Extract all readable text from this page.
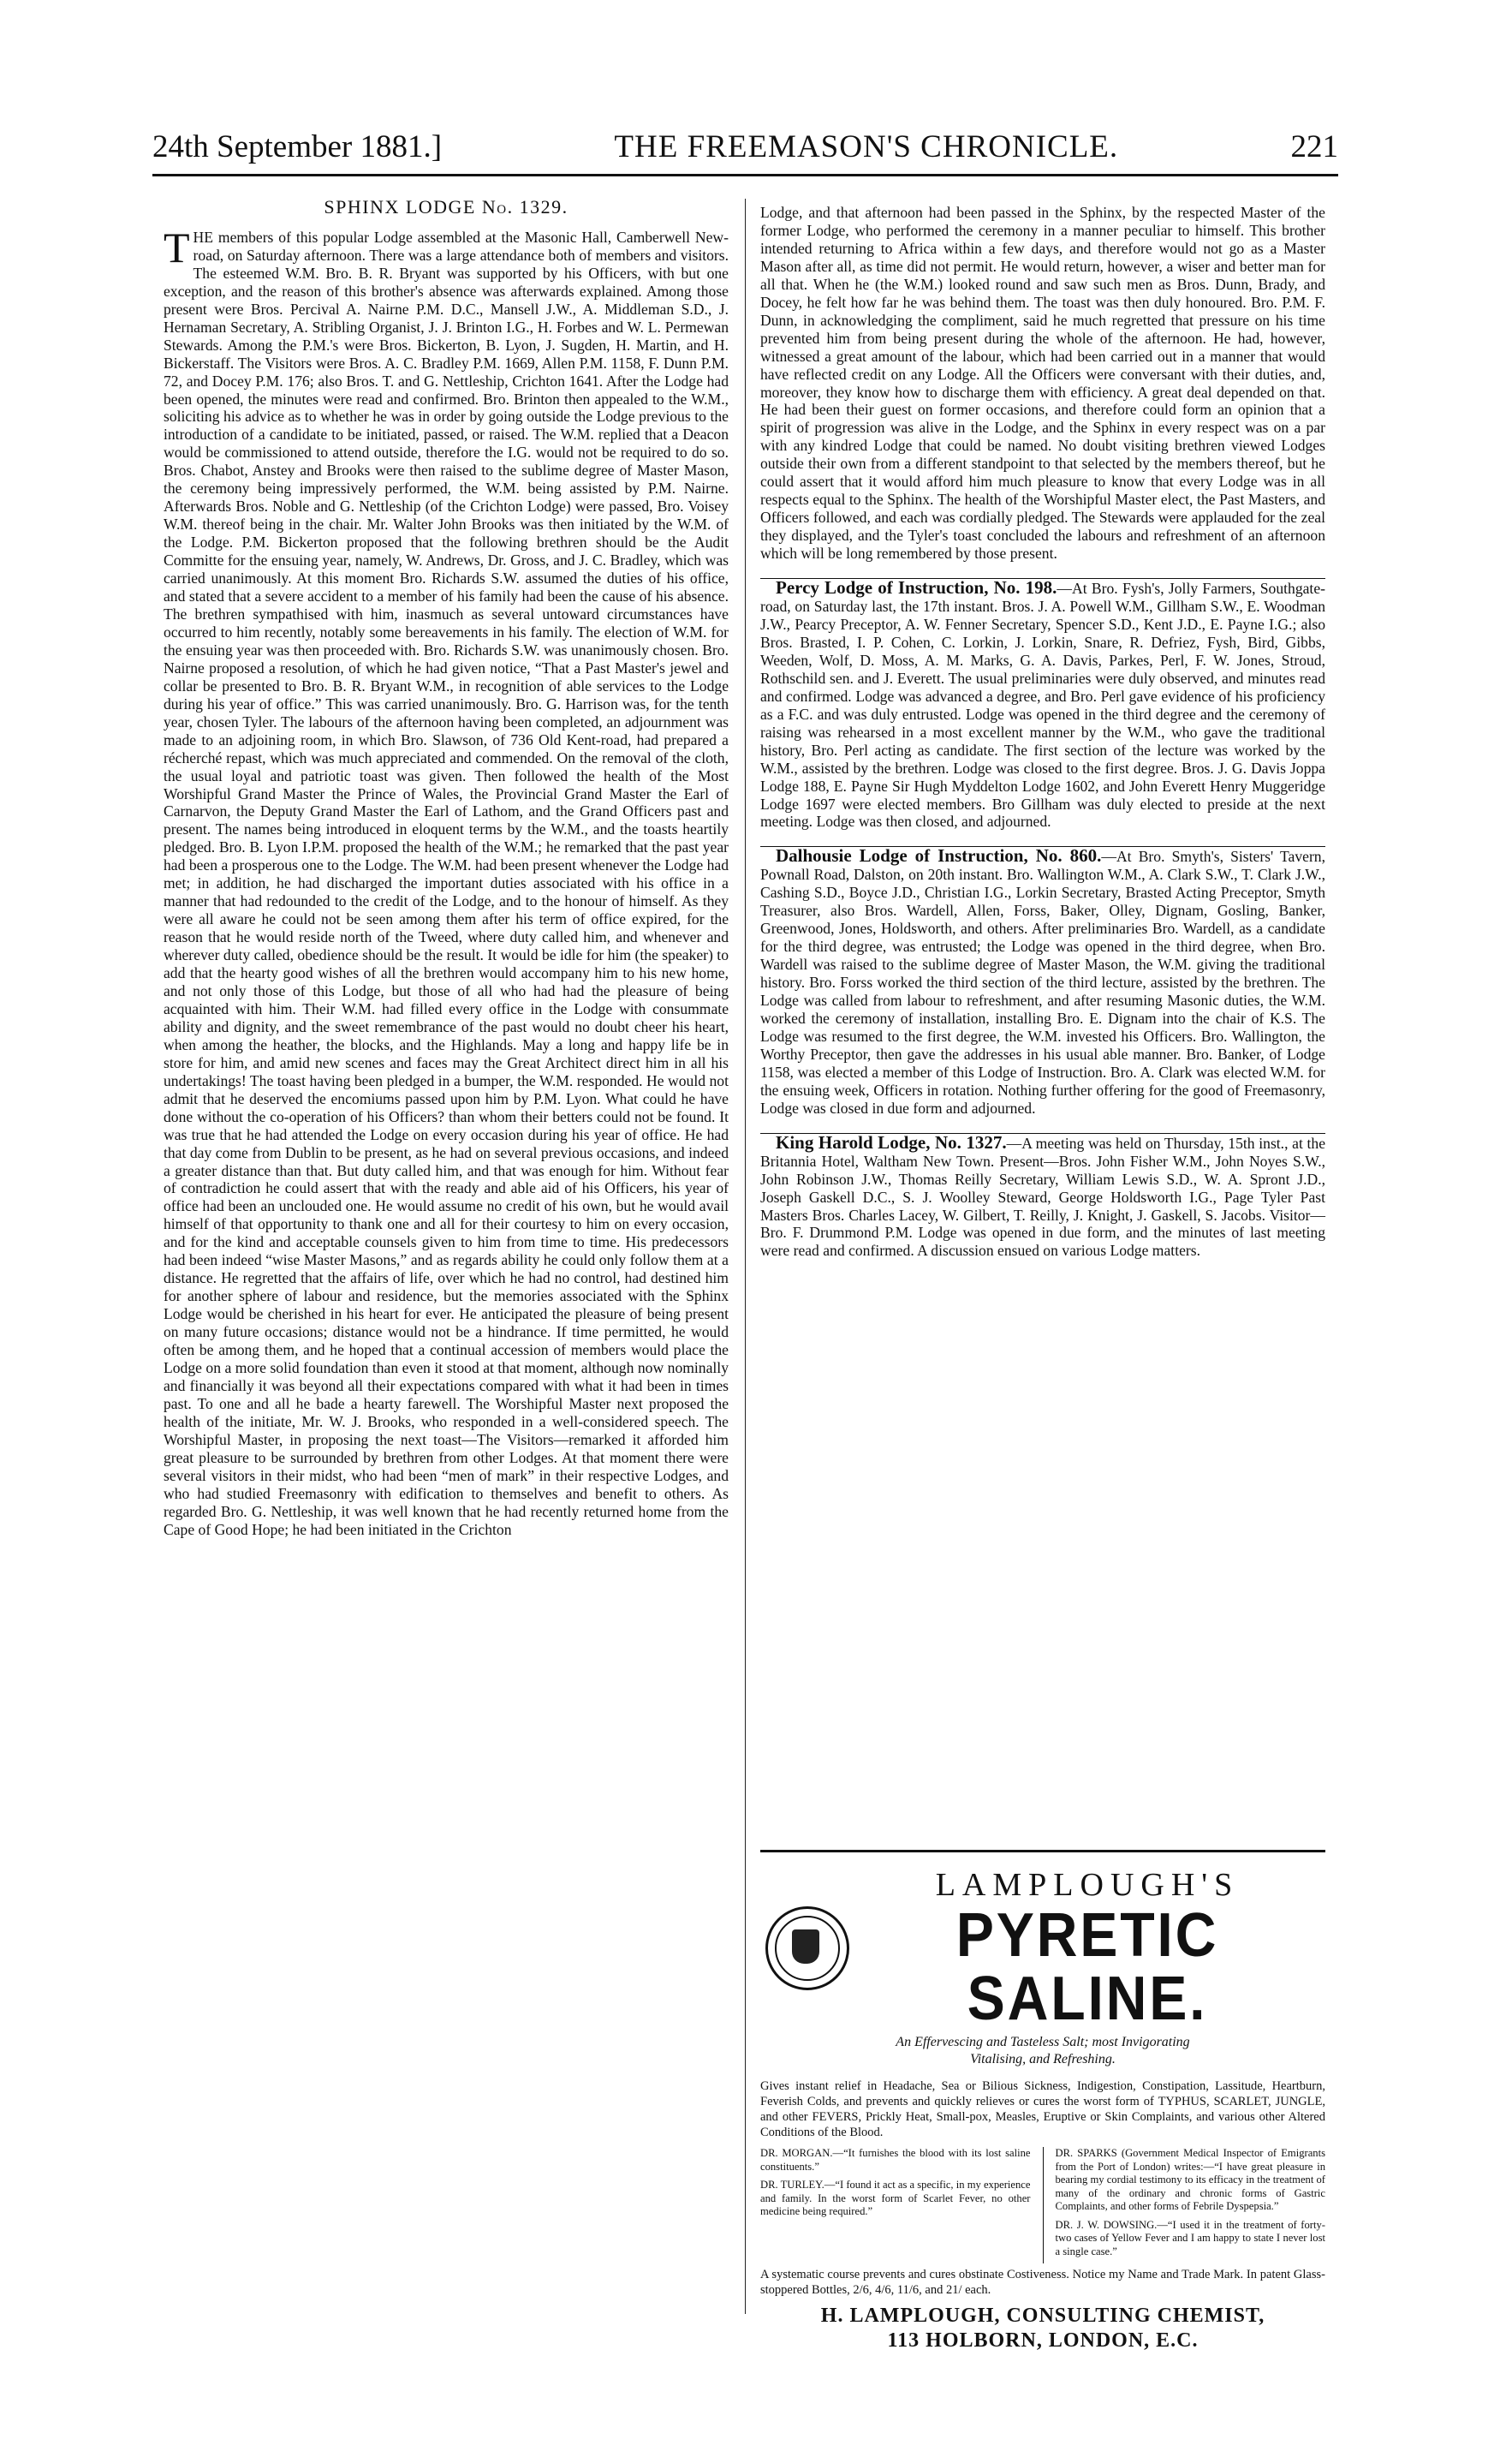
24th September 1881.]	THE FREEMASON'S CHRONICLE.	221
SPHINX LODGE No. 1329.

THE members of this popular Lodge assembled at the Masonic Hall, Camberwell New-road, on Saturday afternoon. There was a large attendance both of members and visitors. The esteemed W.M. Bro. B. R. Bryant was supported by his Officers, with but one exception, and the reason of this brother's absence was afterwards explained. Among those present were Bros. Percival A. Nairne P.M. D.C., Mansell J.W., A. Middleman S.D., J. Hernaman Secretary, A. Stribling Organist, J. J. Brinton I.G., H. Forbes and W. L. Permewan Stewards. Among the P.M.'s were Bros. Bickerton, B. Lyon, J. Sugden, H. Martin, and H. Bickerstaff. The Visitors were Bros. A. C. Bradley P.M. 1669, Allen P.M. 1158, F. Dunn P.M. 72, and Docey P.M. 176; also Bros. T. and G. Nettleship, Crichton 1641. After the Lodge had been opened, the minutes were read and confirmed. Bro. Brinton then appealed to the W.M., soliciting his advice as to whether he was in order by going outside the Lodge previous to the introduction of a candidate to be initiated, passed, or raised. The W.M. replied that a Deacon would be commissioned to attend outside, therefore the I.G. would not be required to do so. Bros. Chabot, Anstey and Brooks were then raised to the sublime degree of Master Mason, the ceremony being impressively performed, the W.M. being assisted by P.M. Nairne. Afterwards Bros. Noble and G. Nettleship (of the Crichton Lodge) were passed, Bro. Voisey W.M. thereof being in the chair. Mr. Walter John Brooks was then initiated by the W.M. of the Lodge. P.M. Bickerton proposed that the following brethren should be the Audit Committe for the ensuing year, namely, W. Andrews, Dr. Gross, and J. C. Bradley, which was carried unanimously. At this moment Bro. Richards S.W. assumed the duties of his office, and stated that a severe accident to a member of his family had been the cause of his absence. The brethren sympathised with him, inasmuch as several untoward circumstances have occurred to him recently, notably some bereavements in his family. The election of W.M. for the ensuing year was then proceeded with. Bro. Richards S.W. was unanimously chosen. Bro. Nairne proposed a resolution, of which he had given notice, “That a Past Master's jewel and collar be presented to Bro. B. R. Bryant W.M., in recognition of able services to the Lodge during his year of office.” This was carried unanimously. Bro. G. Harrison was, for the tenth year, chosen Tyler. The labours of the afternoon having been completed, an adjournment was made to an adjoining room, in which Bro. Slawson, of 736 Old Kent-road, had prepared a récherché repast, which was much appreciated and commended. On the removal of the cloth, the usual loyal and patriotic toast was given. Then followed the health of the Most Worshipful Grand Master the Prince of Wales, the Provincial Grand Master the Earl of Carnarvon, the Deputy Grand Master the Earl of Lathom, and the Grand Officers past and present. The names being introduced in eloquent terms by the W.M., and the toasts heartily pledged. Bro. B. Lyon I.P.M. proposed the health of the W.M.; he remarked that the past year had been a prosperous one to the Lodge. The W.M. had been present whenever the Lodge had met; in addition, he had discharged the important duties associated with his office in a manner that had redounded to the credit of the Lodge, and to the honour of himself. As they were all aware he could not be seen among them after his term of office expired, for the reason that he would reside north of the Tweed, where duty called him, and whenever and wherever duty called, obedience should be the result. It would be idle for him (the speaker) to add that the hearty good wishes of all the brethren would accompany him to his new home, and not only those of this Lodge, but those of all who had had the pleasure of being acquainted with him. Their W.M. had filled every office in the Lodge with consummate ability and dignity, and the sweet remembrance of the past would no doubt cheer his heart, when among the heather, the blocks, and the Highlands. May a long and happy life be in store for him, and amid new scenes and faces may the Great Architect direct him in all his undertakings! The toast having been pledged in a bumper, the W.M. responded. He would not admit that he deserved the encomiums passed upon him by P.M. Lyon. What could he have done without the co-operation of his Officers? than whom their betters could not be found. It was true that he had attended the Lodge on every occasion during his year of office. He had that day come from Dublin to be present, as he had on several previous occasions, and indeed a greater distance than that. But duty called him, and that was enough for him. Without fear of contradiction he could assert that with the ready and able aid of his Officers, his year of office had been an unclouded one. He would assume no credit of his own, but he would avail himself of that opportunity to thank one and all for their courtesy to him on every occasion, and for the kind and acceptable counsels given to him from time to time. His predecessors had been indeed “wise Master Masons,” and as regards ability he could only follow them at a distance. He regretted that the affairs of life, over which he had no control, had destined him for another sphere of labour and residence, but the memories associated with the Sphinx Lodge would be cherished in his heart for ever. He anticipated the pleasure of being present on many future occasions; distance would not be a hindrance. If time permitted, he would often be among them, and he hoped that a continual accession of members would place the Lodge on a more solid foundation than even it stood at that moment, although now nominally and financially it was beyond all their expectations compared with what it had been in times past. To one and all he bade a hearty farewell. The Worshipful Master next proposed the health of the initiate, Mr. W. J. Brooks, who responded in a well-considered speech. The Worshipful Master, in proposing the next toast—The Visitors—remarked it afforded him great pleasure to be surrounded by brethren from other Lodges. At that moment there were several visitors in their midst, who had been “men of mark” in their respective Lodges, and who had studied Freemasonry with edification to themselves and benefit to others. As regarded Bro. G. Nettleship, it was well known that he had recently returned home from the Cape of Good Hope; he had been initiated in the Crichton

Lodge, and that afternoon had been passed in the Sphinx, by the respected Master of the former Lodge, who performed the ceremony in a manner peculiar to himself. This brother intended returning to Africa within a few days, and therefore would not go as a Master Mason after all, as time did not permit. He would return, however, a wiser and better man for all that. When he (the W.M.) looked round and saw such men as Bros. Dunn, Brady, and Docey, he felt how far he was behind them. The toast was then duly honoured. Bro. P.M. F. Dunn, in acknowledging the compliment, said he much regretted that pressure on his time prevented him from being present during the whole of the afternoon. He had, however, witnessed a great amount of the labour, which had been carried out in a manner that would have reflected credit on any Lodge. All the Officers were conversant with their duties, and, moreover, they know how to discharge them with efficiency. A great deal depended on that. He had been their guest on former occasions, and therefore could form an opinion that a spirit of progression was alive in the Lodge, and the Sphinx in every respect was on a par with any kindred Lodge that could be named. No doubt visiting brethren viewed Lodges outside their own from a different standpoint to that selected by the members thereof, but he could assert that it would afford him much pleasure to know that every Lodge was in all respects equal to the Sphinx. The health of the Worshipful Master elect, the Past Masters, and Officers followed, and each was cordially pledged. The Stewards were applauded for the zeal they displayed, and the Tyler's toast concluded the labours and refreshment of an afternoon which will be long remembered by those present.

Percy Lodge of Instruction, No. 198.—At Bro. Fysh's, Jolly Farmers, Southgate-road, on Saturday last, the 17th instant. Bros. J. A. Powell W.M., Gillham S.W., E. Woodman J.W., Pearcy Preceptor, A. W. Fenner Secretary, Spencer S.D., Kent J.D., E. Payne I.G.; also Bros. Brasted, I. P. Cohen, C. Lorkin, J. Lorkin, Snare, R. Defriez, Fysh, Bird, Gibbs, Weeden, Wolf, D. Moss, A. M. Marks, G. A. Davis, Parkes, Perl, F. W. Jones, Stroud, Rothschild sen. and J. Everett. The usual preliminaries were duly observed, and minutes read and confirmed. Lodge was advanced a degree, and Bro. Perl gave evidence of his proficiency as a F.C. and was duly entrusted. Lodge was opened in the third degree and the ceremony of raising was rehearsed in a most excellent manner by the W.M., who gave the traditional history, Bro. Perl acting as candidate. The first section of the lecture was worked by the W.M., assisted by the brethren. Lodge was closed to the first degree. Bros. J. G. Davis Joppa Lodge 188, E. Payne Sir Hugh Myddelton Lodge 1602, and John Everett Henry Muggeridge Lodge 1697 were elected members. Bro Gillham was duly elected to preside at the next meeting. Lodge was then closed, and adjourned.

Dalhousie Lodge of Instruction, No. 860.—At Bro. Smyth's, Sisters' Tavern, Pownall Road, Dalston, on 20th instant. Bro. Wallington W.M., A. Clark S.W., T. Clark J.W., Cashing S.D., Boyce J.D., Christian I.G., Lorkin Secretary, Brasted Acting Preceptor, Smyth Treasurer, also Bros. Wardell, Allen, Forss, Baker, Olley, Dignam, Gosling, Banker, Greenwood, Jones, Holdsworth, and others. After preliminaries Bro. Wardell, as a candidate for the third degree, was entrusted; the Lodge was opened in the third degree, when Bro. Wardell was raised to the sublime degree of Master Mason, the W.M. giving the traditional history. Bro. Forss worked the third section of the third lecture, assisted by the brethren. The Lodge was called from labour to refreshment, and after resuming Masonic duties, the W.M. worked the ceremony of installation, installing Bro. E. Dignam into the chair of K.S. The Lodge was resumed to the first degree, the W.M. invested his Officers. Bro. Wallington, the Worthy Preceptor, then gave the addresses in his usual able manner. Bro. Banker, of Lodge 1158, was elected a member of this Lodge of Instruction. Bro. A. Clark was elected W.M. for the ensuing week, Officers in rotation. Nothing further offering for the good of Freemasonry, Lodge was closed in due form and adjourned.

King Harold Lodge, No. 1327.—A meeting was held on Thursday, 15th inst., at the Britannia Hotel, Waltham New Town. Present—Bros. John Fisher W.M., John Noyes S.W., John Robinson J.W., Thomas Reilly Secretary, William Lewis S.D., W. A. Spront J.D., Joseph Gaskell D.C., S. J. Woolley Steward, George Holdsworth I.G., Page Tyler Past Masters Bros. Charles Lacey, W. Gilbert, T. Reilly, J. Knight, J. Gaskell, S. Jacobs. Visitor—Bro. F. Drummond P.M. Lodge was opened in due form, and the minutes of last meeting were read and confirmed. A discussion ensued on various Lodge matters.

LAMPLOUGH'S
PYRETIC SALINE.
An Effervescing and Tasteless Salt; most Invigorating
Vitalising, and Refreshing.
Gives instant relief in Headache, Sea or Bilious Sickness, Indigestion, Constipation, Lassitude, Heartburn, Feverish Colds, and prevents and quickly relieves or cures the worst form of TYPHUS, SCARLET, JUNGLE, and other FEVERS, Prickly Heat, Small-pox, Measles, Eruptive or Skin Complaints, and various other Altered Conditions of the Blood.

DR. MORGAN.—“It furnishes the blood with its lost saline constituents.”

DR. TURLEY.—“I found it act as a specific, in my experience and family. In the worst form of Scarlet Fever, no other medicine being required.”

DR. SPARKS (Government Medical Inspector of Emigrants from the Port of London) writes:—“I have great pleasure in bearing my cordial testimony to its efficacy in the treatment of many of the ordinary and chronic forms of Gastric Complaints, and other forms of Febrile Dyspepsia.”

DR. J. W. DOWSING.—“I used it in the treatment of forty-two cases of Yellow Fever and I am happy to state I never lost a single case.”

A systematic course prevents and cures obstinate Costiveness. Notice my Name and Trade Mark. In patent Glass-stoppered Bottles, 2/6, 4/6, 11/6, and 21/ each.
H. LAMPLOUGH, CONSULTING CHEMIST,
113 HOLBORN, LONDON, E.C.
